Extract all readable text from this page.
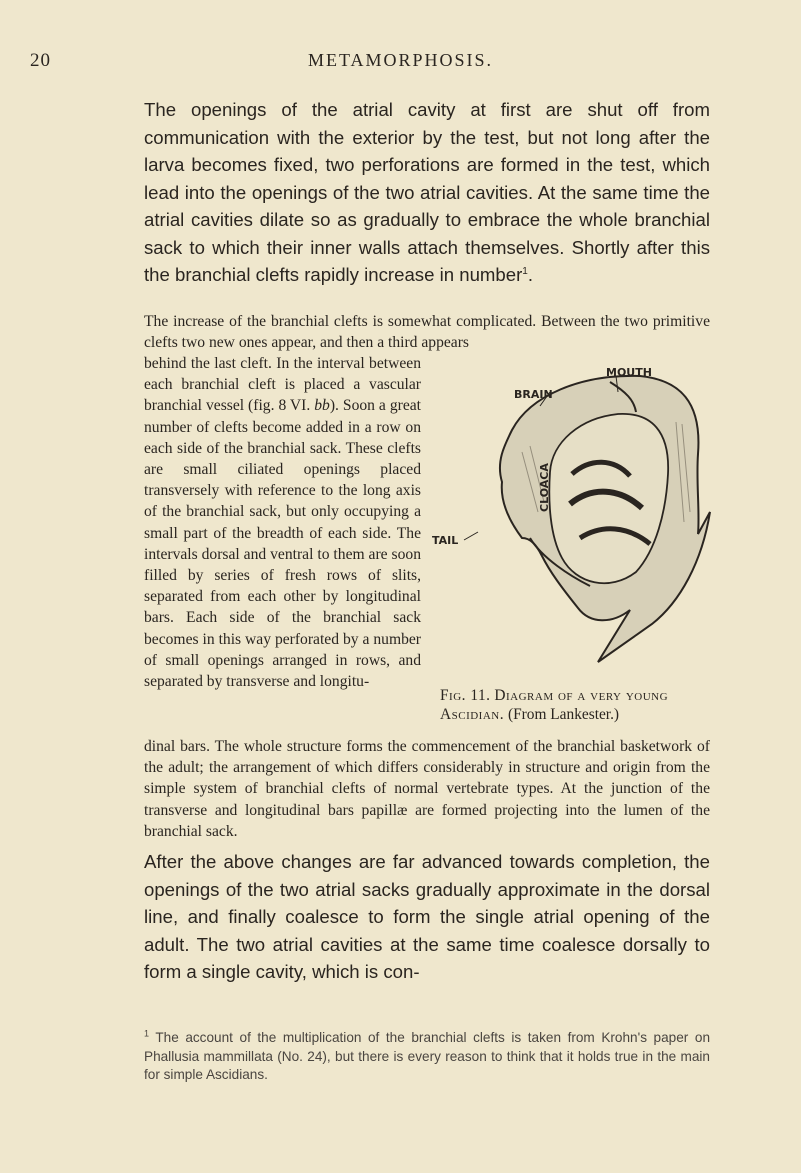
20	METAMORPHOSIS.

The openings of the atrial cavity at first are shut off from communication with the exterior by the test, but not long after the larva becomes fixed, two perforations are formed in the test, which lead into the openings of the two atrial cavities. At the same time the atrial cavities dilate so as gradually to embrace the whole branchial sack to which their inner walls attach themselves. Shortly after this the branchial clefts rapidly increase in number$^1$.

The increase of the branchial clefts is somewhat complicated. Between the two primitive clefts two new ones appear, and then a third appears

behind the last cleft. In the interval between each branchial cleft is placed a vascular branchial vessel (fig. 8 VI. bb). Soon a great number of clefts become added in a row on each side of the branchial sack. These clefts are small ciliated openings placed transversely with reference to the long axis of the branchial sack, but only occupying a small part of the breadth of each side. The intervals dorsal and ventral to them are soon filled by series of fresh rows of slits, separated from each other by longitudinal bars. Each side of the branchial sack becomes in this way perforated by a number of small openings arranged in rows, and separated by transverse and longitu-

dinal bars. The whole structure forms the commencement of the branchial basketwork of the adult; the arrangement of which differs considerably in structure and origin from the simple system of branchial clefts of normal vertebrate types. At the junction of the transverse and longitudinal bars papillæ are formed projecting into the lumen of the branchial sack.

MOUTH
BRAIN
CLOACA
TAIL

Fig. 11. Diagram of a very young Ascidian. (From Lankester.)

After the above changes are far advanced towards completion, the openings of the two atrial sacks gradually approximate in the dorsal line, and finally coalesce to form the single atrial opening of the adult. The two atrial cavities at the same time coalesce dorsally to form a single cavity, which is con-

$^1$ The account of the multiplication of the branchial clefts is taken from Krohn's paper on Phallusia mammillata (No. 24), but there is every reason to think that it holds true in the main for simple Ascidians.
